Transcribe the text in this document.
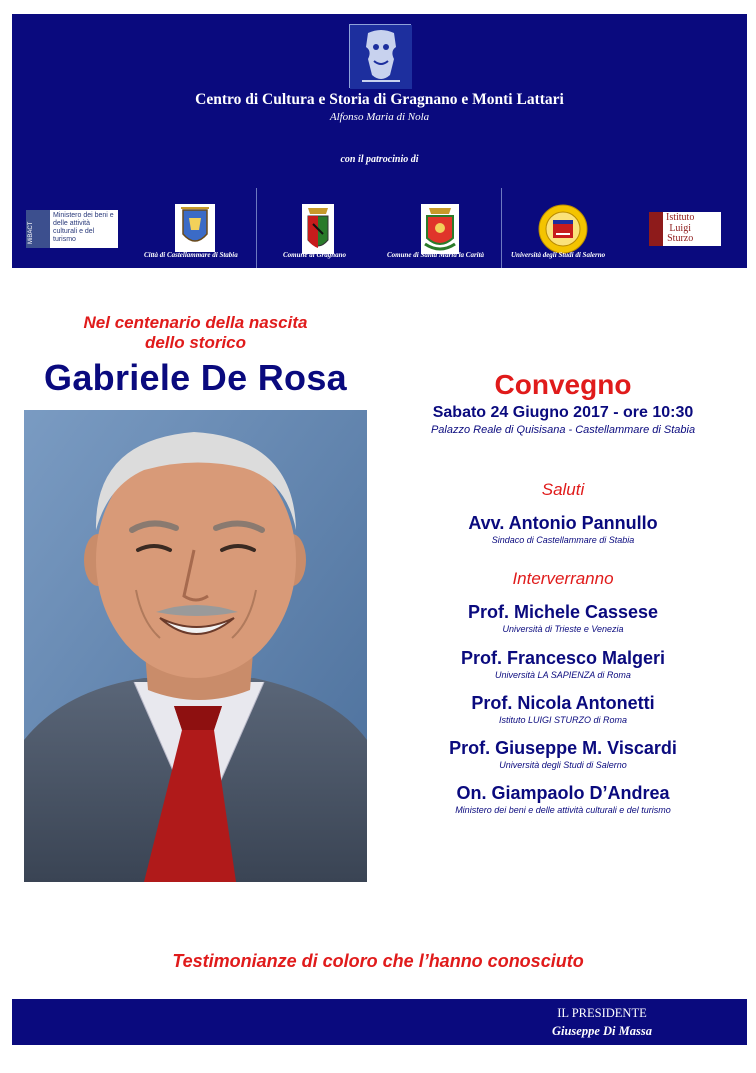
Centro di Cultura e Storia di Gragnano e Monti Lattari
Alfonso Maria di Nola
con il patrocinio di
MiBACT
Ministero dei beni e delle attività culturali e del turismo
Istituto
Luigi
Sturzo
Città di Castellammare di Stabia	Comune di Gragnano	Comune di Santa Maria la Carità	Università degli Studi di Salerno
Nel centenario della nascita
dello storico
Gabriele De Rosa	Convegno
Sabato 24 Giugno 2017 - ore 10:30
Palazzo Reale di Quisisana - Castellammare di Stabia
Saluti
Avv. Antonio Pannullo
Sindaco di Castellammare di Stabia
Interverranno
Prof. Michele Cassese
Università di Trieste e Venezia
Prof. Francesco Malgeri
Università LA SAPIENZA di Roma
Prof. Nicola Antonetti
Istituto LUIGI STURZO di Roma
Prof. Giuseppe M. Viscardi
Università degli Studi di Salerno
On. Giampaolo D’Andrea
Ministero dei beni e delle attività culturali e del turismo
Testimonianze di coloro che l’hanno conosciuto
IL PRESIDENTE
Giuseppe Di Massa
